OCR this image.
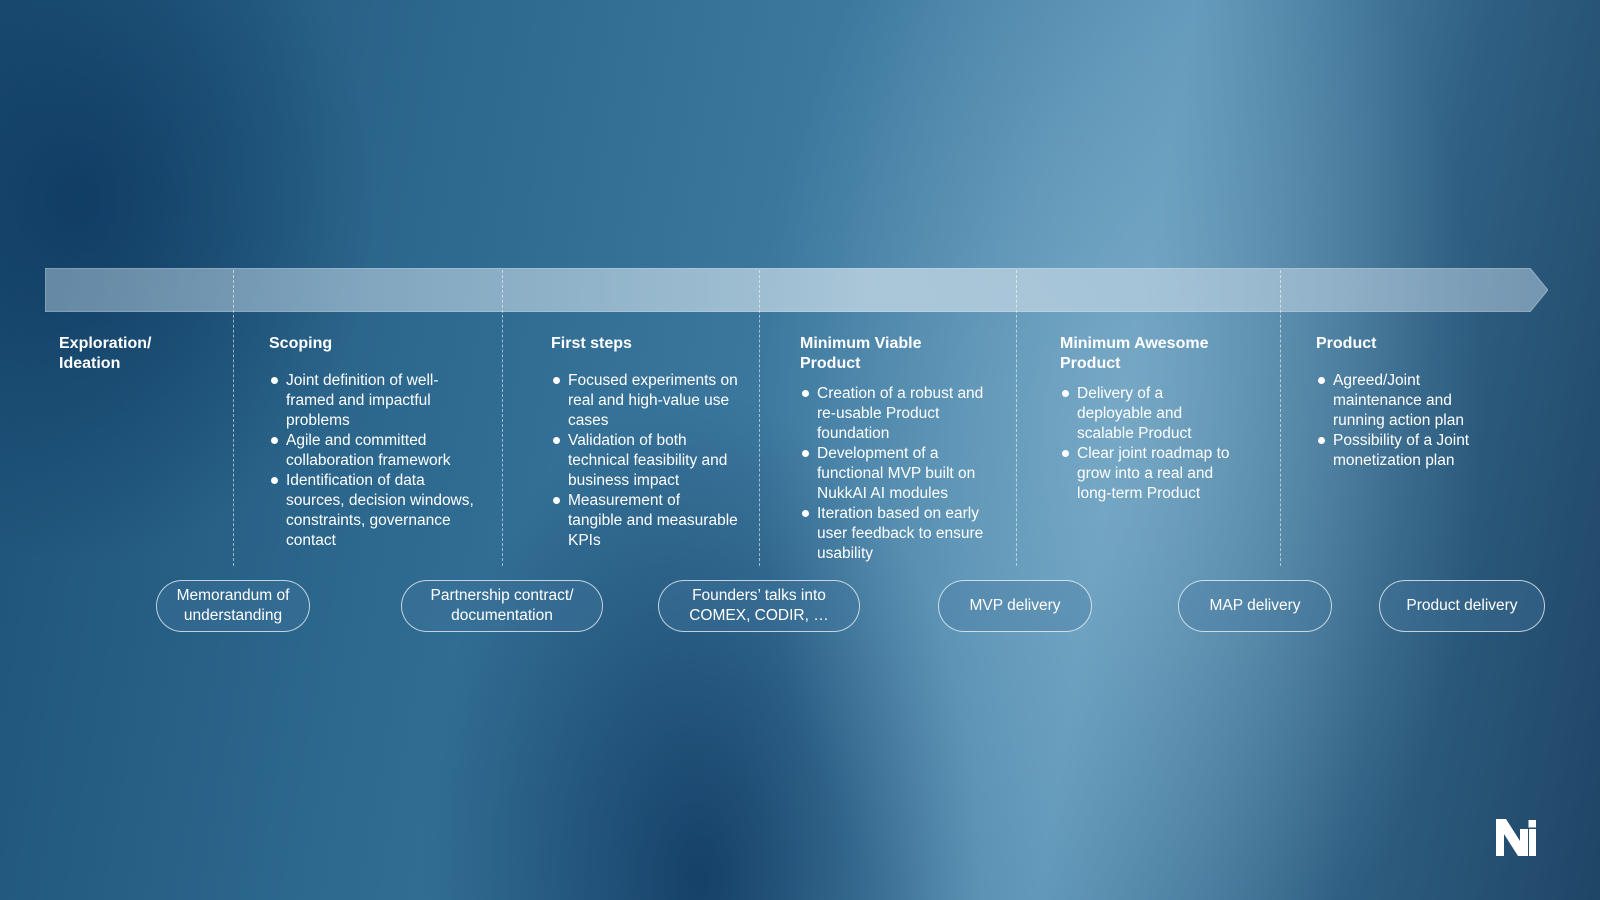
Exploration/
Ideation

Scoping

Joint definition of well-framed and impactful problems
Agile and committed collaboration framework
Identification of data sources, decision windows, constraints, governance contact

First steps

Focused experiments on real and high-value use cases
Validation of both technical feasibility and business impact
Measurement of tangible and measurable KPIs

Minimum Viable Product

Creation of a robust and re-usable Product foundation
Development of a functional MVP built on NukkAI AI modules
Iteration based on early user feedback to ensure usability

Minimum Awesome Product

Delivery of a deployable and scalable Product
Clear joint roadmap to grow into a real and long-term Product

Product

Agreed/Joint maintenance and running action plan
Possibility of a Joint monetization plan
Memorandum of
understanding
Partnership contract/
documentation
Founders’ talks into
COMEX, CODIR, …
MVP delivery	MAP delivery	Product delivery
